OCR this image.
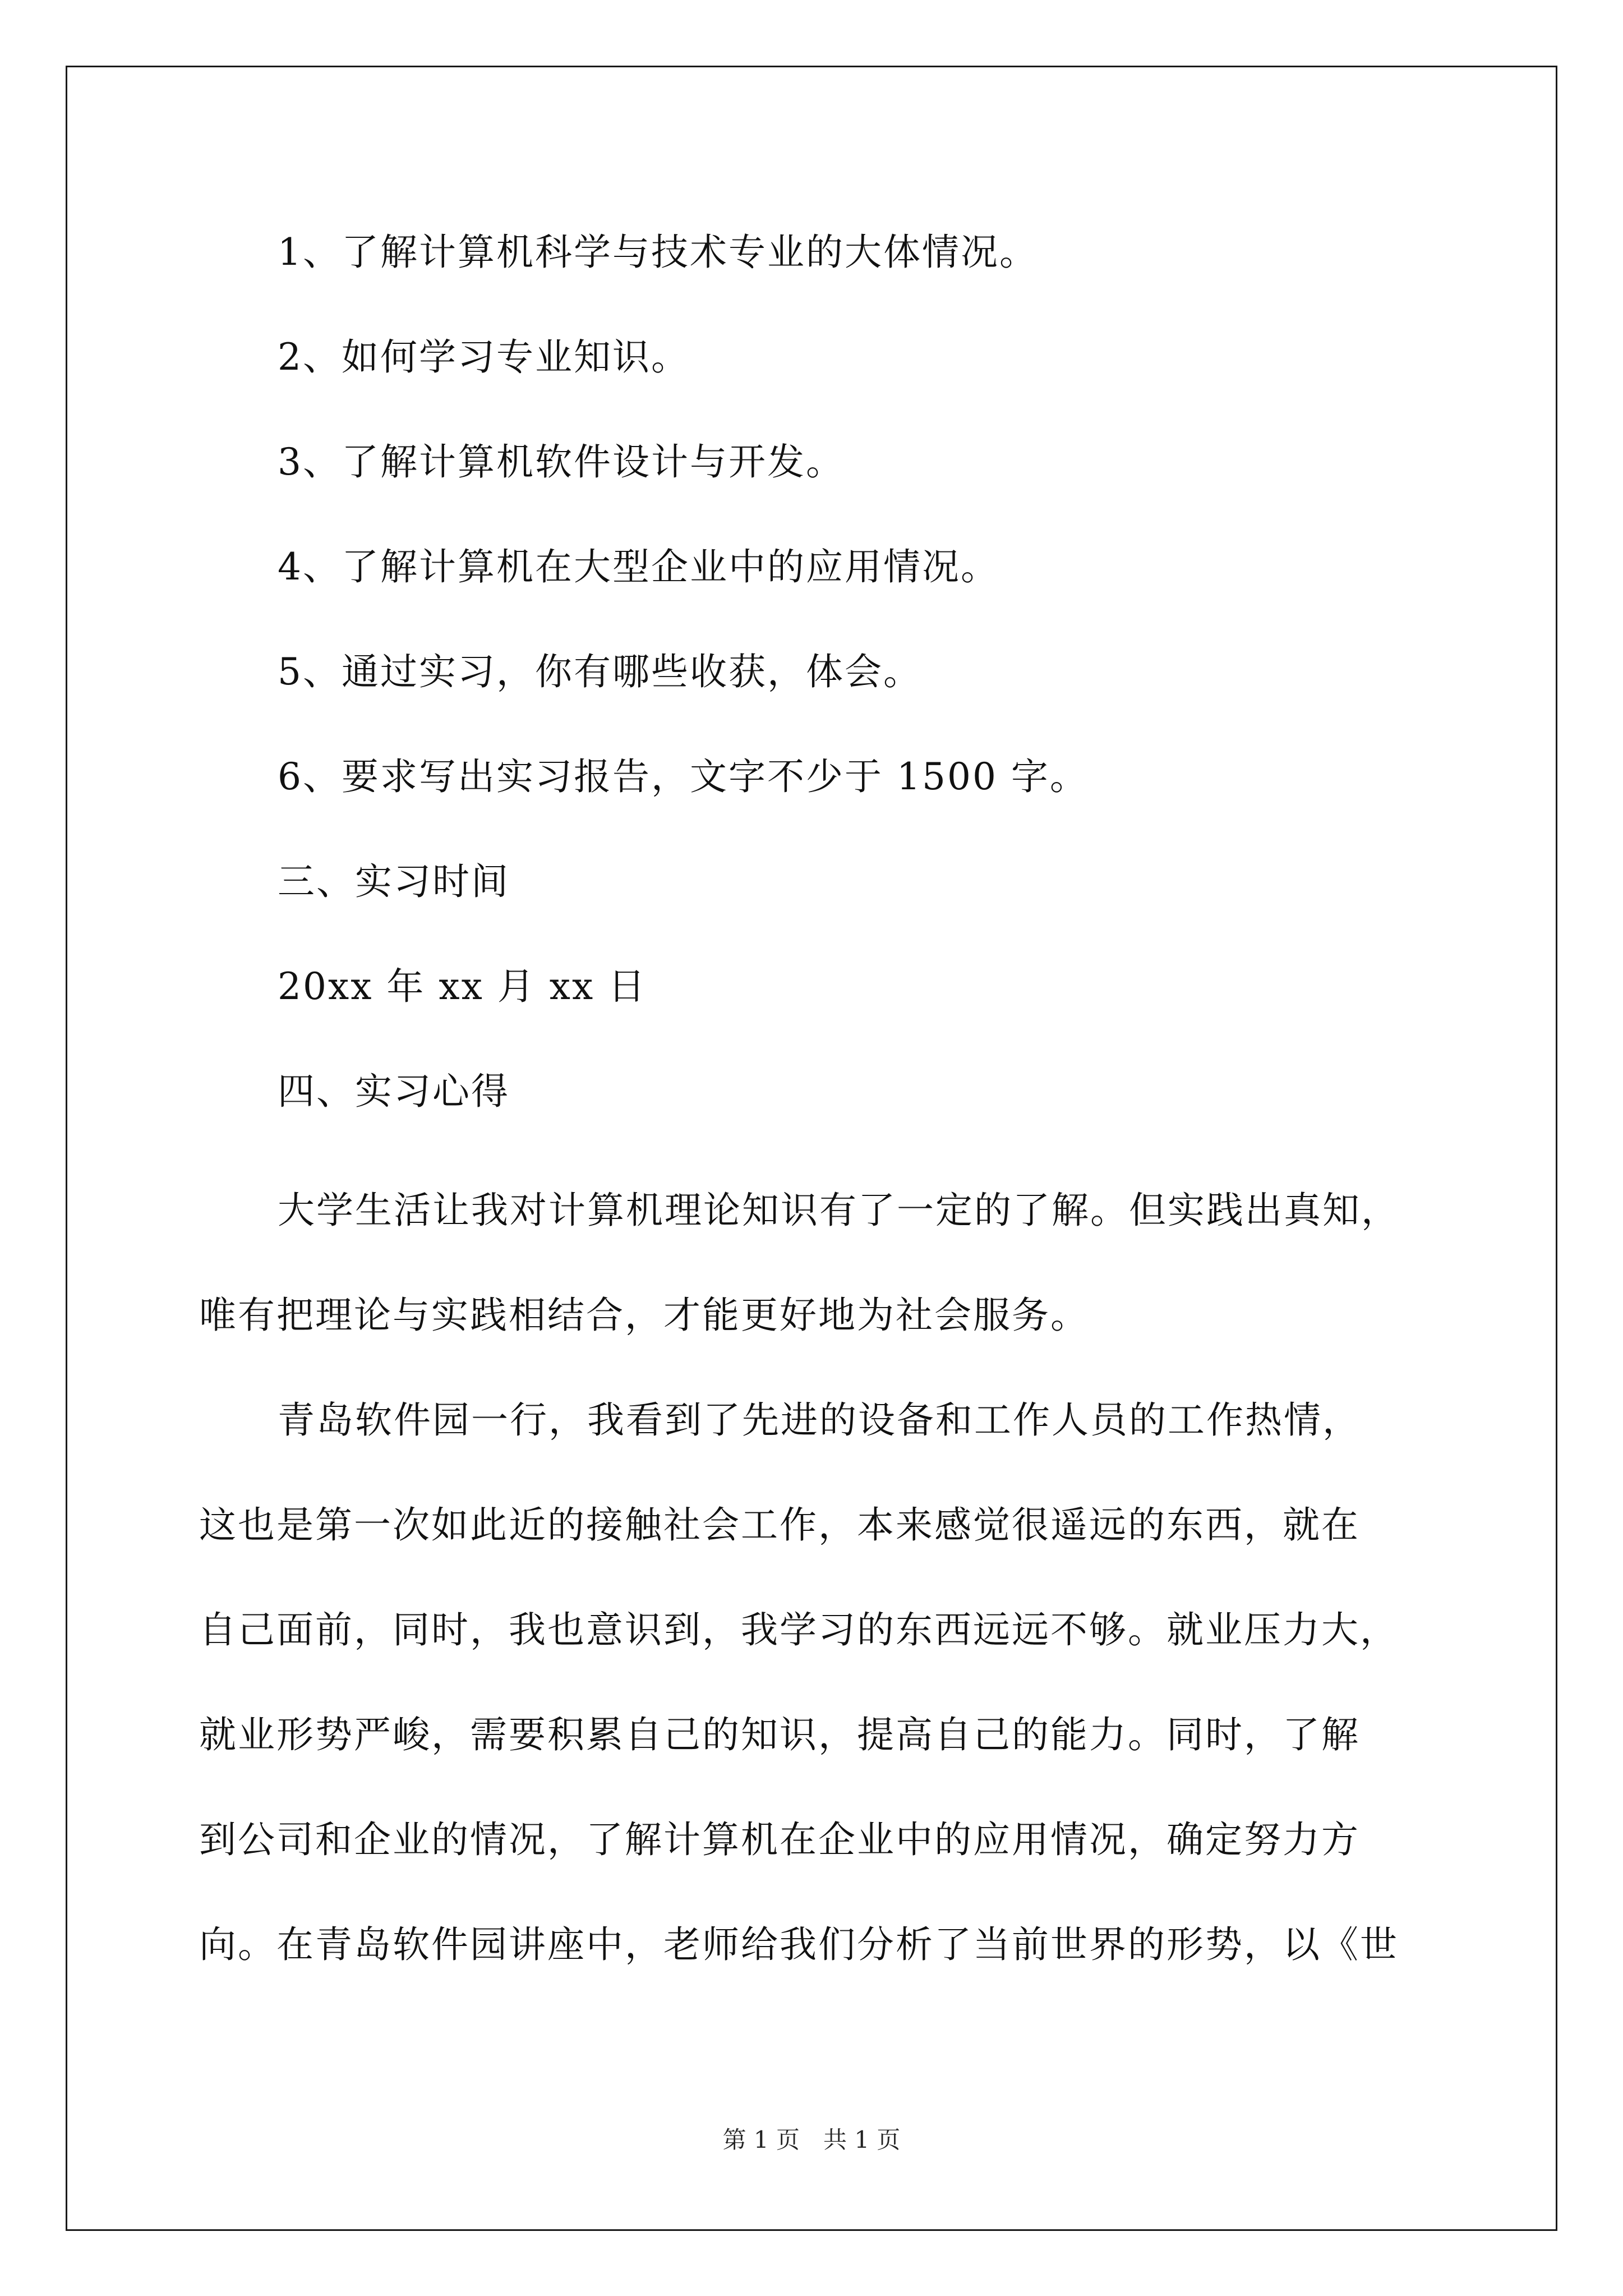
1、了解计算机科学与技术专业的大体情况。
2、如何学习专业知识。
3、了解计算机软件设计与开发。
4、了解计算机在大型企业中的应用情况。
5、通过实习，你有哪些收获，体会。
6、要求写出实习报告，文字不少于 1500 字。
三、实习时间
20xx 年 xx 月 xx 日
四、实习心得
大学生活让我对计算机理论知识有了一定的了解。但实践出真知，
唯有把理论与实践相结合，才能更好地为社会服务。
青岛软件园一行，我看到了先进的设备和工作人员的工作热情，
这也是第一次如此近的接触社会工作，本来感觉很遥远的东西，就在
自己面前，同时，我也意识到，我学习的东西远远不够。就业压力大，
就业形势严峻，需要积累自己的知识，提高自己的能力。同时，了解
到公司和企业的情况，了解计算机在企业中的应用情况，确定努力方
向。在青岛软件园讲座中，老师给我们分析了当前世界的形势，以《世
第 1 页　共 1 页
